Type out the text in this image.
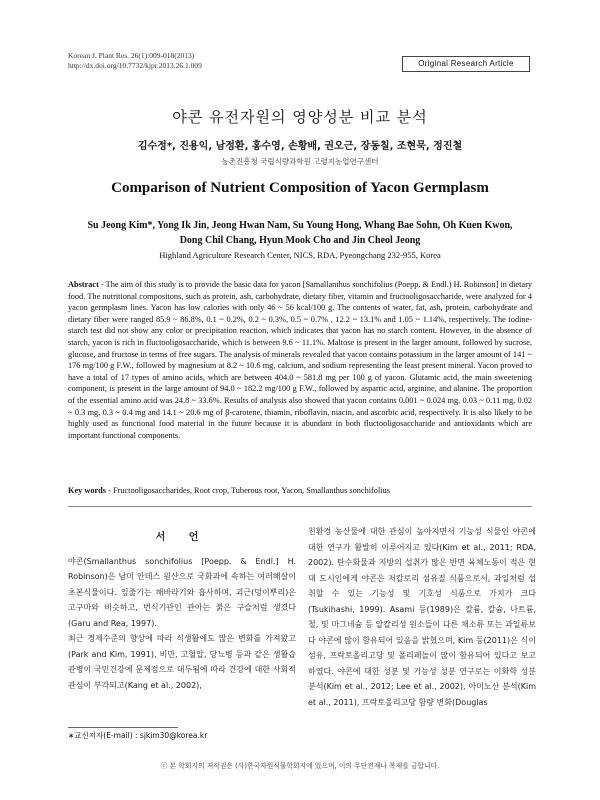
Korean J. Plant Res. 26(1):009-018(2013)
http://dx.doi.org/10.7732/kjpr.2013.26.1.009	Original Research Article
야콘 유전자원의 영양성분 비교 분석
김수정*, 진용익, 남정환, 홍수영, 손황배, 권오근, 장동칠, 조현묵, 정진철
농촌진흥청 국립식량과학원 고령지농업연구센터
Comparison of Nutrient Composition of Yacon Germplasm
Su Jeong Kim*, Yong Ik Jin, Jeong Hwan Nam, Su Young Hong, Whang Bae Sohn, Oh Kuen Kwon,
Dong Chil Chang, Hyun Mook Cho and Jin Cheol Jeong
Highland Agriculture Research Center, NICS, RDA, Pyeongchang 232-955, Korea
Abstract - The aim of this study is to provide the basic data for yacon [Samallanthus sonchifolius (Poepp. & Endl.) H. Robinson] in dietary food. The nutritional compositons, such as protein, ash, carbohydrate, dietary fiber, vitamin and fructooligosaccharide, were analyzed for 4 yacon germplasm lines. Yacon has low calories with only 46 ~ 56 kcal/100 g. The contents of water, fat, ash, protein, carbohydrate and dietary fiber were ranged 85.9 ~ 86.8%, 0.1 ~ 0.2%, 0.2 ~ 0.3%, 0.5 ~ 0.7% , 12.2 ~ 13.1% and 1.05 ~ 1.14%, respectively. The iodine-starch test did not show any color or precipitation reaction, which indicates that yacon has no starch content. However, in the absence of starch, yacon is rich in fluctooligosaccharide, which is between 9.6 ~ 11.1%. Maltose is present in the larger amount, followed by sucrose, glucose, and fructose in terms of free sugars. The analysis of minerals revealed that yacon contains potassium in the larger amount of 141 ~ 176 mg/100 g F.W., followed by magnesium at 8.2 ~ 10.6 mg, calcium, and sodium representing the least present mineral. Yacon proved to have a total of 17 types of amino acids, which are between 404.0 ~ 581.8 mg per 100 g of yacon. Glutamic acid, the main sweetening component, is present in the large amount of 94.0 ~ 182.2 mg/100 g F.W., followed by aspartic acid, arginine, and alanine. The proportion of the essential amino acid was 24.8 ~ 33.6%. Results of analysis also showed that yacon contains 0.001 ~ 0.024 mg, 0.03 ~ 0.11 mg, 0.02 ~ 0.3 mg, 0.3 ~ 0.4 mg and 14.1 ~ 20.6 mg of β-carotene, thiamin, riboflavin, niacin, and ascorbic acid, respectively. It is also likely to be highly used as functional food material in the future because it is abundant in both fluctooligosaccharide and antioxidants which are important functional components.
Key words - Fructooligosaccharides, Root crop, Tuberous root, Yacon, Smallanthus sonchifolius

서 언

야콘(Smallanthus sonchifolius [Poepp. & Endl.] H. Robinson)은 남미 안데스 원산으로 국화과에 속하는 여러해살이 초본식물이다. 잎줄기는 해바라기와 흡사하며, 괴근(덩이뿌리)은 고구마와 비슷하고, 번식기관인 관아는 붉은 구슬처럼 생겼다(Garu and Rea, 1997).

최근 경제수준의 향상에 따라 식생활에도 많은 변화를 가져왔고(Park and Kim, 1991), 비만, 고혈압, 당뇨병 등과 같은 생활습관병이 국민건강에 문제점으로 대두됨에 따라 건강에 대한 사회적 관심이 부각되고(Kang et al., 2002),

친환경 농산물에 대한 관심이 높아지면서 기능성 식물인 야콘에 대한 연구가 활발히 이루어지고 있다(Kim et al., 2011; RDA, 2002). 탄수화물과 지방의 섭취가 많은 반면 육체노동이 적은 현대 도시인에게 야콘은 저칼로리 섬유질 식품으로서, 과일처럼 섭취할 수 있는 기능성 및 기호성 식품으로 가치가 크다(Tsukihashi, 1999). Asami 등(1989)은 칼륨, 칼슘, 나트륨, 철, 및 마그네슘 등 알칼리성 원소들이 다른 채소류 또는 과일류보다 야콘에 많이 함유되어 있음을 밝혔으며, Kim 등(2011)은 식이섬유, 프락토올리고당 및 폴리페놀이 많이 함유되어 있다고 보고하였다. 야콘에 대한 성분 및 기능성 성분 연구로는 이화학 성분 분석(Kim et al., 2012; Lee et al., 2002), 아미노산 분석(Kim et al., 2011), 프락토올리고당 함량 변화(Douglas

∗교신저자(E-mail) : sjkim30@korea.kr
ⓒ 본 학회지의 저작권은 (사)한국자원식물학회지에 있으며, 이의 무단전재나 복제를 금합니다.
